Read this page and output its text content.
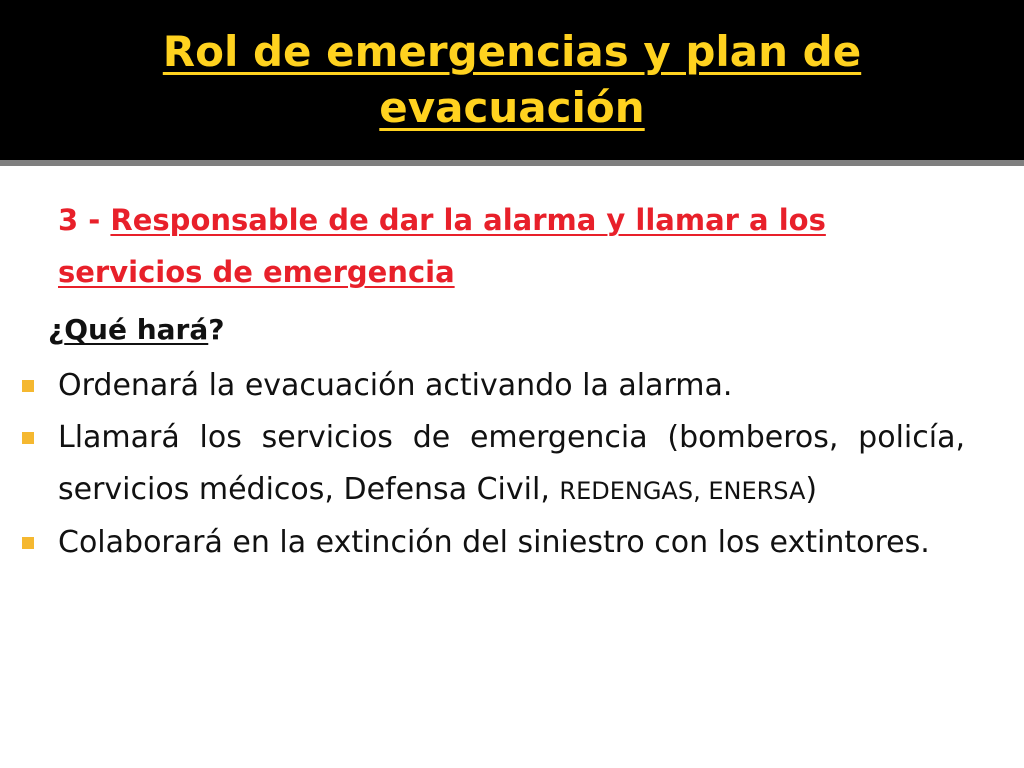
Rol de emergencias y plan de evacuación

3 - Responsable de dar la alarma y llamar a los servicios de emergencia

¿Qué hará?

Ordenará la evacuación activando la alarma.
Llamará los servicios de emergencia (bomberos, policía, servicios médicos, Defensa Civil, REDENGAS, ENERSA)
Colaborará en la extinción del siniestro con los extintores.
